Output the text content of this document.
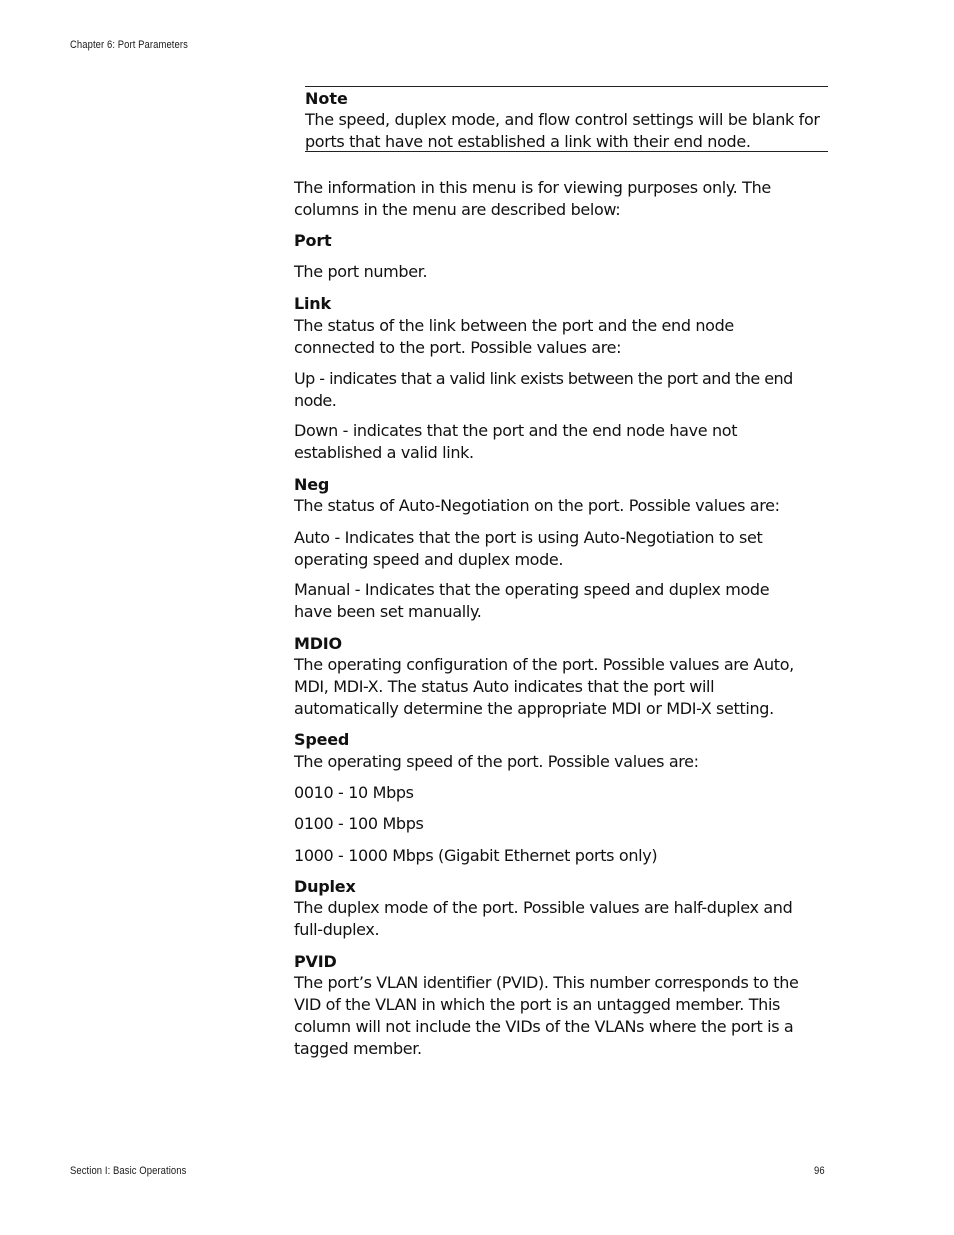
Chapter 6: Port Parameters
Note
The speed, duplex mode, and flow control settings will be blank for ports that have not established a link with their end node.

The information in this menu is for viewing purposes only. The columns in the menu are described below:

Port

The port number.

Link

The status of the link between the port and the end node connected to the port. Possible values are:

Up - indicates that a valid link exists between the port and the end node.

Down - indicates that the port and the end node have not established a valid link.

Neg

The status of Auto-Negotiation on the port. Possible values are:

Auto - Indicates that the port is using Auto-Negotiation to set operating speed and duplex mode.

Manual - Indicates that the operating speed and duplex mode have been set manually.

MDIO

The operating configuration of the port. Possible values are Auto, MDI, MDI-X. The status Auto indicates that the port will automatically determine the appropriate MDI or MDI-X setting.

Speed

The operating speed of the port. Possible values are:

0010 - 10 Mbps

0100 - 100 Mbps

1000 - 1000 Mbps (Gigabit Ethernet ports only)

Duplex

The duplex mode of the port. Possible values are half-duplex and full-duplex.

PVID

The port’s VLAN identifier (PVID). This number corresponds to the VID of the VLAN in which the port is an untagged member. This column will not include the VIDs of the VLANs where the port is a tagged member.

Section I: Basic Operations	96
